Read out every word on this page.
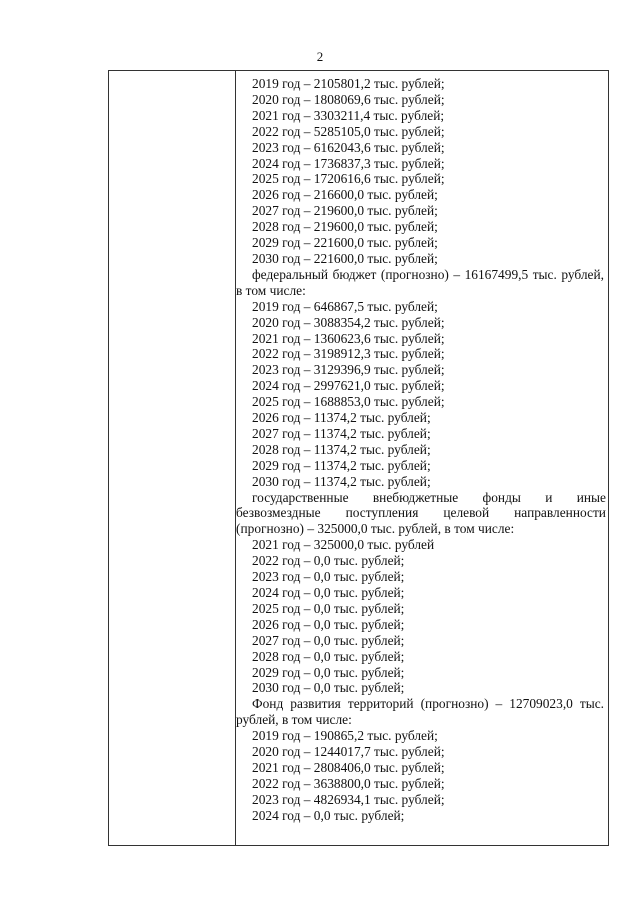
2
2019 год – 2105801,2 тыс. рублей;
2020 год – 1808069,6 тыс. рублей;
2021 год – 3303211,4 тыс. рублей;
2022 год – 5285105,0 тыс. рублей;
2023 год – 6162043,6 тыс. рублей;
2024 год – 1736837,3 тыс. рублей;
2025 год – 1720616,6 тыс. рублей;
2026 год – 216600,0 тыс. рублей;
2027 год – 219600,0 тыс. рублей;
2028 год – 219600,0 тыс. рублей;
2029 год – 221600,0 тыс. рублей;
2030 год – 221600,0 тыс. рублей;
федеральный бюджет (прогнозно) – 16167499,5 тыс. рублей, в том числе:
2019 год – 646867,5 тыс. рублей;
2020 год – 3088354,2 тыс. рублей;
2021 год – 1360623,6 тыс. рублей;
2022 год – 3198912,3 тыс. рублей;
2023 год – 3129396,9 тыс. рублей;
2024 год – 2997621,0 тыс. рублей;
2025 год – 1688853,0 тыс. рублей;
2026 год – 11374,2 тыс. рублей;
2027 год – 11374,2 тыс. рублей;
2028 год – 11374,2 тыс. рублей;
2029 год – 11374,2 тыс. рублей;
2030 год – 11374,2 тыс. рублей;
государственные внебюджетные фонды и иные
безвозмездные поступления целевой направленности
(прогнозно) – 325000,0 тыс. рублей, в том числе:
2021 год – 325000,0 тыс. рублей
2022 год – 0,0 тыс. рублей;
2023 год – 0,0 тыс. рублей;
2024 год – 0,0 тыс. рублей;
2025 год – 0,0 тыс. рублей;
2026 год – 0,0 тыс. рублей;
2027 год – 0,0 тыс. рублей;
2028 год – 0,0 тыс. рублей;
2029 год – 0,0 тыс. рублей;
2030 год – 0,0 тыс. рублей;
Фонд развития территорий (прогнозно) – 12709023,0 тыс. рублей, в том числе:
2019 год – 190865,2 тыс. рублей;
2020 год – 1244017,7 тыс. рублей;
2021 год – 2808406,0 тыс. рублей;
2022 год – 3638800,0 тыс. рублей;
2023 год – 4826934,1 тыс. рублей;
2024 год – 0,0 тыс. рублей;
